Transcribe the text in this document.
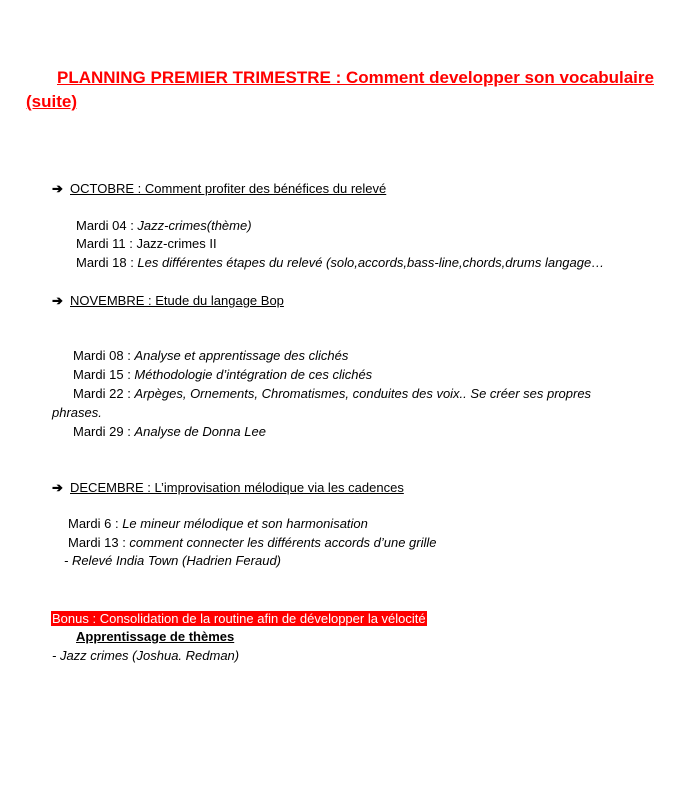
PLANNING PREMIER TRIMESTRE : Comment developper son vocabulaire
(suite)
➔ OCTOBRE : Comment profiter des bénéfices du relevé
Mardi 04 : Jazz-crimes(thème)
Mardi 11 : Jazz-crimes II
Mardi 18 : Les différentes étapes du relevé (solo,accords,bass-line,chords,drums langage…
➔ NOVEMBRE : Etude du langage Bop
Mardi 08 : Analyse et apprentissage des clichés
Mardi 15 : Méthodologie d’intégration de ces clichés
Mardi 22 : Arpèges, Ornements, Chromatismes, conduites des voix.. Se créer ses propres
phrases.
Mardi 29 : Analyse de Donna Lee
➔ DECEMBRE : L’improvisation mélodique via les cadences
Mardi 6 : Le mineur mélodique et son harmonisation
Mardi 13 : comment connecter les différents accords d’une grille
- Relevé India Town (Hadrien Feraud)
Bonus : Consolidation de la routine afin de développer la vélocité
Apprentissage de thèmes
- Jazz crimes (Joshua. Redman)
